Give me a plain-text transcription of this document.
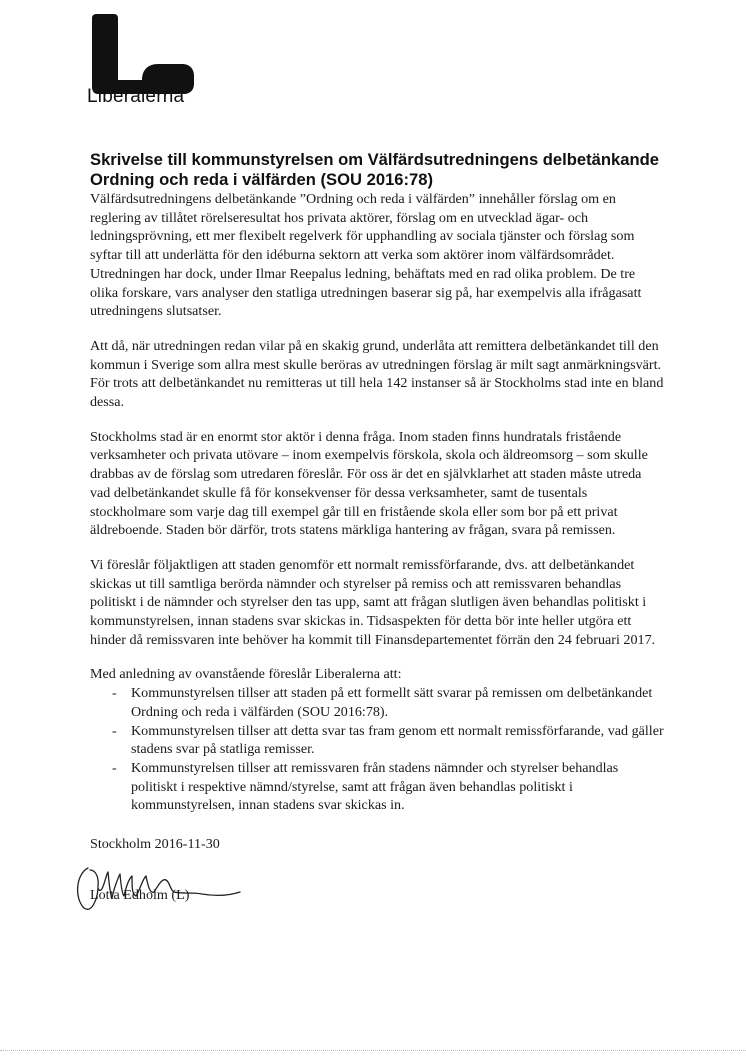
Liberalerna
Skrivelse till kommunstyrelsen om Välfärdsutredningens delbetänkande Ordning och reda i välfärden (SOU 2016:78)

Välfärdsutredningens delbetänkande ”Ordning och reda i välfärden” innehåller förslag om en reglering av tillåtet rörelseresultat hos privata aktörer, förslag om en utvecklad ägar- och ledningsprövning, ett mer flexibelt regelverk för upphandling av sociala tjänster och förslag som syftar till att underlätta för den idéburna sektorn att verka som aktörer inom välfärdsområdet. Utredningen har dock, under Ilmar Reepalus ledning, behäftats med en rad olika problem. De tre olika forskare, vars analyser den statliga utredningen baserar sig på, har exempelvis alla ifrågasatt utredningens slutsatser.

Att då, när utredningen redan vilar på en skakig grund, underlåta att remittera delbetänkandet till den kommun i Sverige som allra mest skulle beröras av utredningen förslag är milt sagt anmärkningsvärt. För trots att delbetänkandet nu remitteras ut till hela 142 instanser så är Stockholms stad inte en bland dessa.

Stockholms stad är en enormt stor aktör i denna fråga. Inom staden finns hundratals fristående verksamheter och privata utövare – inom exempelvis förskola, skola och äldreomsorg – som skulle drabbas av de förslag som utredaren föreslår. För oss är det en självklarhet att staden måste utreda vad delbetänkandet skulle få för konsekvenser för dessa verksamheter, samt de tusentals stockholmare som varje dag till exempel går till en fristående skola eller som bor på ett privat äldreboende. Staden bör därför, trots statens märkliga hantering av frågan, svara på remissen.

Vi föreslår följaktligen att staden genomför ett normalt remissförfarande, dvs. att delbetänkandet skickas ut till samtliga berörda nämnder och styrelser på remiss och att remissvaren behandlas politiskt i de nämnder och styrelser den tas upp, samt att frågan slutligen även behandlas politiskt i kommunstyrelsen, innan stadens svar skickas in. Tidsaspekten för detta bör inte heller utgöra ett hinder då remissvaren inte behöver ha kommit till Finansdepartementet förrän den 24 februari 2017.

Med anledning av ovanstående föreslår Liberalerna att:

- Kommunstyrelsen tillser att staden på ett formellt sätt svarar på remissen om delbetänkandet Ordning och reda i välfärden (SOU 2016:78).
- Kommunstyrelsen tillser att detta svar tas fram genom ett normalt remissförfarande, vad gäller stadens svar på statliga remisser.
- Kommunstyrelsen tillser att remissvaren från stadens nämnder och styrelser behandlas politiskt i respektive nämnd/styrelse, samt att frågan även behandlas politiskt i kommunstyrelsen, innan stadens svar skickas in.

Stockholm 2016-11-30

Lotta Edholm (L)
